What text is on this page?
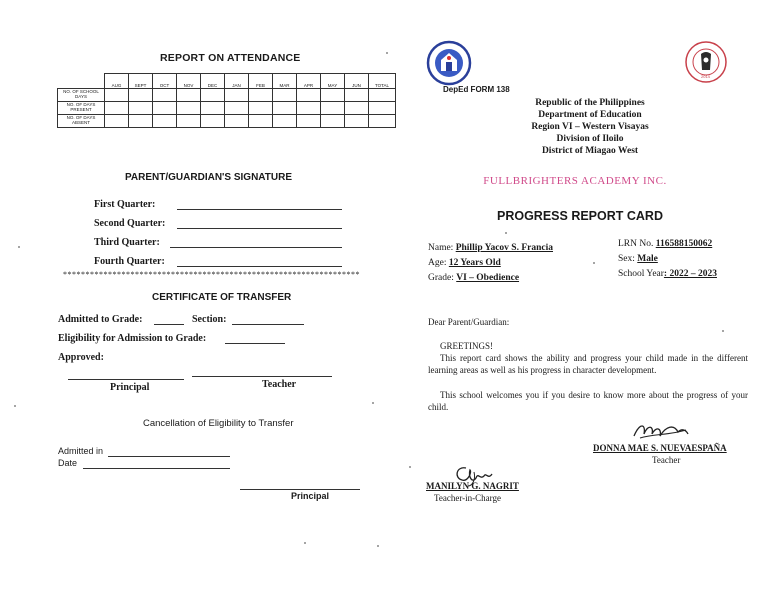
REPORT ON ATTENDANCE
	AUG	SEPT	OCT	NOV	DEC	JAN	FEB	MAR	APR	MAY	JUN	TOTAL
NO. OF SCHOOL DAYS												
NO. OF DAYS PRESENT												
NO. OF DAYS ABSENT												
PARENT/GUARDIAN'S SIGNATURE
First Quarter:
Second Quarter:
Third Quarter:
Fourth Quarter:
******************************************************************
CERTIFICATE OF TRANSFER
Admitted to Grade:	Section:
Eligibility for Admission to Grade:
Approved:
Principal	Teacher
Cancellation of Eligibility to Transfer
Admitted in
Date
Principal
2014
DepEd FORM 138
Republic of the Philippines
Department of Education
Region VI – Western Visayas
Division of Iloilo
District of Miagao West
FULLBRIGHTERS ACADEMY INC.
PROGRESS REPORT CARD
Name: Phillip Yacov S. Francia
Age: 12 Years Old
Grade: VI – Obedience
LRN No. 116588150062
Sex: Male
School Year: 2022 – 2023
Dear Parent/Guardian:
GREETINGS!
This report card shows the ability and progress your child made in the different learning areas as well as his progress in character development.
This school welcomes you if you desire to know more about the progress of your child.
DONNA MAE S. NUEVAESPAÑA
Teacher
MANILYN G. NAGRIT
Teacher-in-Charge
